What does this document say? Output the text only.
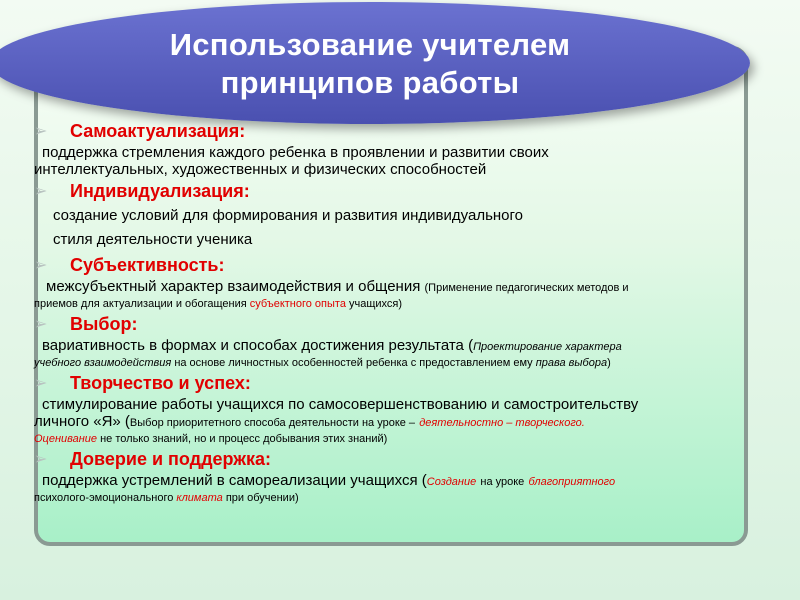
Использование учителем
принципов работы
➢	Самоактуализация:
поддержка стремления каждого ребенка в проявлении и развитии своих
интеллектуальных, художественных и физических способностей
➢	Индивидуализация:
создание условий для формирования и развития индивидуального
стиля деятельности ученика
➢	Субъективность:
межсубъектный характер взаимодействия и общения (Применение педагогических методов и
приемов для актуализации и обогащения субъектного опыта учащихся)
➢	Выбор:
вариативность в формах и способах достижения результата (Проектирование характера
учебного взаимодействия на основе личностных особенностей ребенка с предоставлением ему права выбора)
➢	Творчество и успех:
стимулирование работы учащихся по самосовершенствованию и самостроительству
личного «Я» (Выбор приоритетного способа деятельности на уроке – деятельностно – творческого.
Оценивание не только знаний, но и процесс добывания этих знаний)
➢	Доверие и поддержка:
поддержка устремлений в самореализации учащихся (Создание на уроке благоприятного
психолого-эмоционального климата при обучении)
